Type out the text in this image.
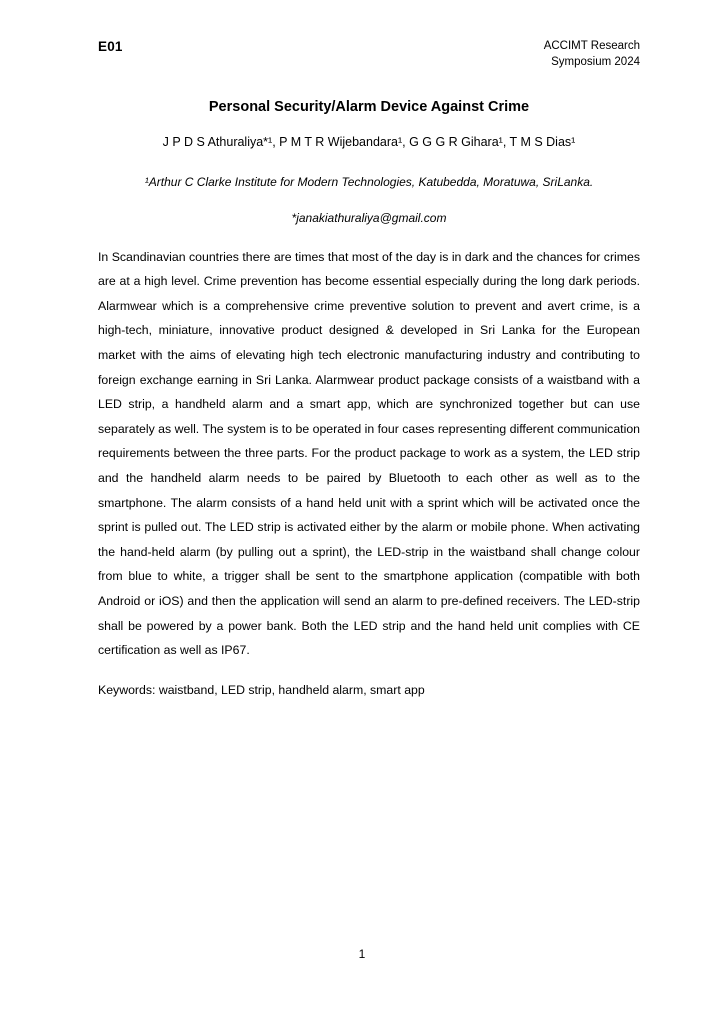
E01	ACCIMT Research
Symposium 2024
Personal Security/Alarm Device Against Crime
J P D S Athuraliya*¹, P M T R Wijebandara¹, G G G R Gihara¹, T M S Dias¹
¹Arthur C Clarke Institute for Modern Technologies, Katubedda, Moratuwa, SriLanka.
*janakiathuraliya@gmail.com
In Scandinavian countries there are times that most of the day is in dark and the chances for crimes are at a high level. Crime prevention has become essential especially during the long dark periods. Alarmwear which is a comprehensive crime preventive solution to prevent and avert crime, is a high-tech, miniature, innovative product designed & developed in Sri Lanka for the European market with the aims of elevating high tech electronic manufacturing industry and contributing to foreign exchange earning in Sri Lanka. Alarmwear product package consists of a waistband with a LED strip, a handheld alarm and a smart app, which are synchronized together but can use separately as well. The system is to be operated in four cases representing different communication requirements between the three parts. For the product package to work as a system, the LED strip and the handheld alarm needs to be paired by Bluetooth to each other as well as to the smartphone. The alarm consists of a hand held unit with a sprint which will be activated once the sprint is pulled out. The LED strip is activated either by the alarm or mobile phone. When activating the hand-held alarm (by pulling out a sprint), the LED-strip in the waistband shall change colour from blue to white, a trigger shall be sent to the smartphone application (compatible with both Android or iOS) and then the application will send an alarm to pre-defined receivers. The LED-strip shall be powered by a power bank. Both the LED strip and the hand held unit complies with CE certification as well as IP67.
Keywords: waistband, LED strip, handheld alarm, smart app
1
